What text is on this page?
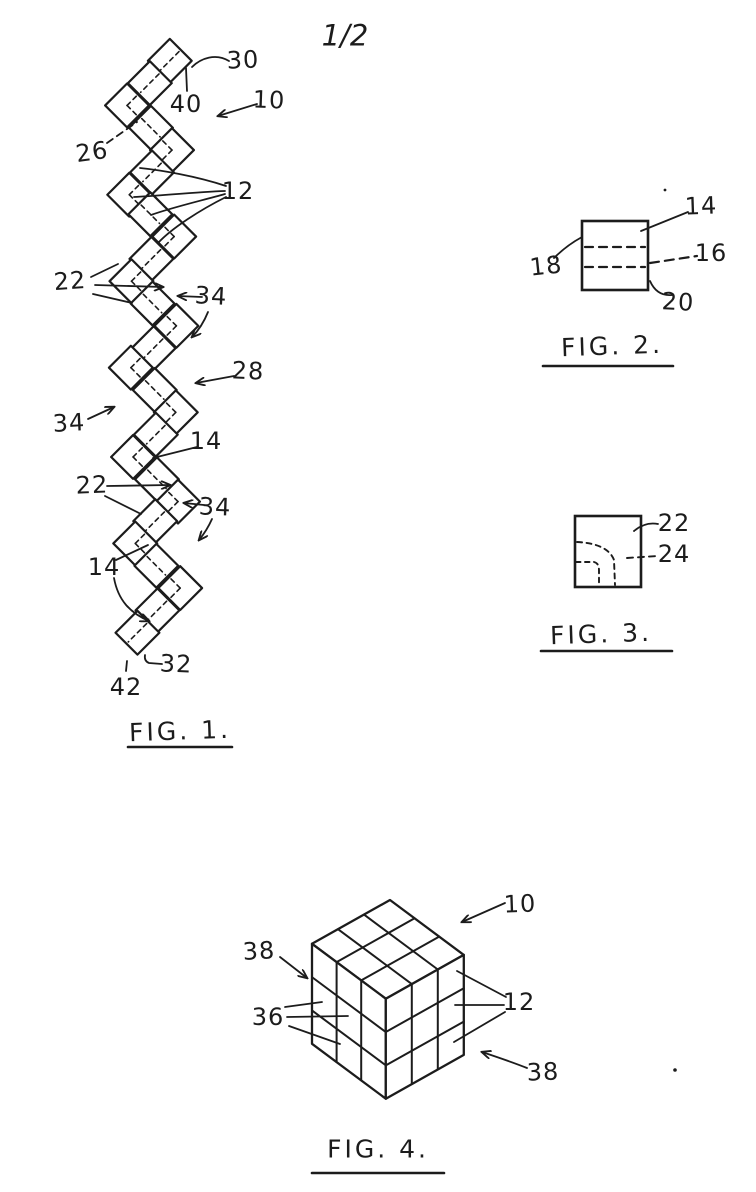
1/2
30
40 10
26
12
22	34
28
34
14
22
34
14
32
42
FIG. 1.
14
18	16
20
FIG. 2.
22
24
FIG. 3.
10
38
36
12
38
FIG. 4.
